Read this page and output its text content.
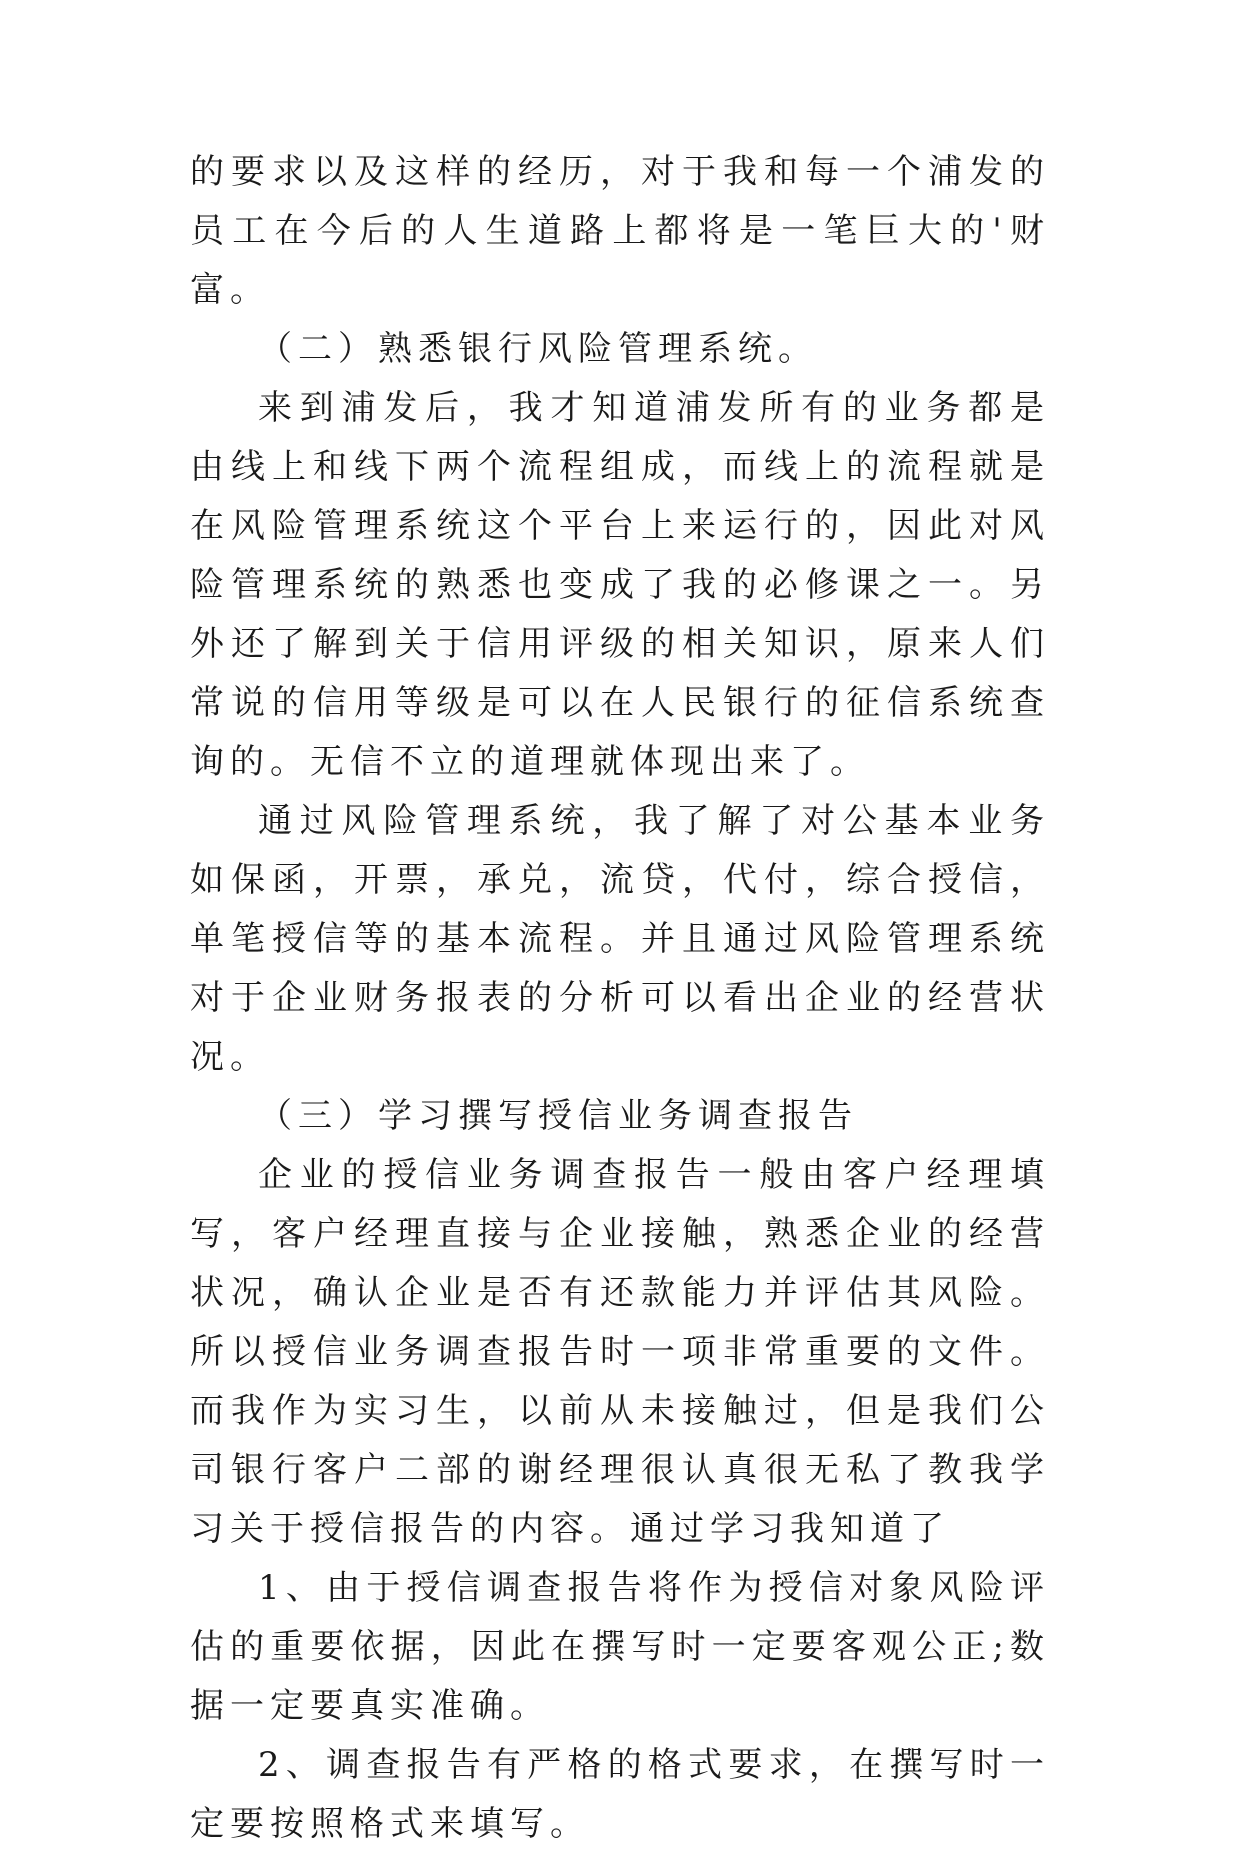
的要求以及这样的经历，对于我和每一个浦发的员工在今后的人生道路上都将是一笔巨大的'财富。

（二）熟悉银行风险管理系统。

来到浦发后，我才知道浦发所有的业务都是由线上和线下两个流程组成，而线上的流程就是在风险管理系统这个平台上来运行的，因此对风险管理系统的熟悉也变成了我的必修课之一。另外还了解到关于信用评级的相关知识，原来人们常说的信用等级是可以在人民银行的征信系统查询的。无信不立的道理就体现出来了。

通过风险管理系统，我了解了对公基本业务如保函，开票，承兑，流贷，代付，综合授信，单笔授信等的基本流程。并且通过风险管理系统对于企业财务报表的分析可以看出企业的经营状况。

（三）学习撰写授信业务调查报告

企业的授信业务调查报告一般由客户经理填写，客户经理直接与企业接触，熟悉企业的经营状况，确认企业是否有还款能力并评估其风险。所以授信业务调查报告时一项非常重要的文件。而我作为实习生，以前从未接触过，但是我们公司银行客户二部的谢经理很认真很无私了教我学习关于授信报告的内容。通过学习我知道了

1、由于授信调查报告将作为授信对象风险评估的重要依据，因此在撰写时一定要客观公正;数据一定要真实准确。

2、调查报告有严格的格式要求，在撰写时一定要按照格式来填写。
